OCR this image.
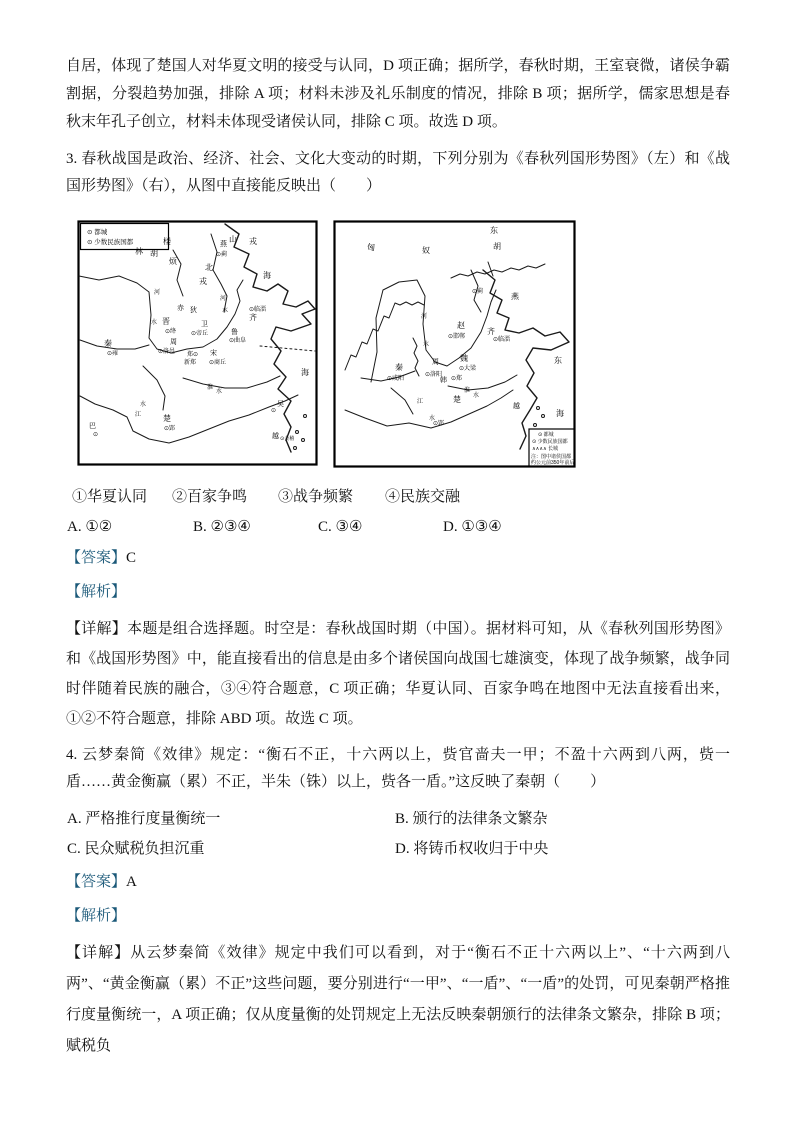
自居，体现了楚国人对华夏文明的接受与认同，D 项正确；据所学，春秋时期，王室衰微，诸侯争霸割据，分裂趋势加强，排除 A 项；材料未涉及礼乐制度的情况，排除 B 项；据所学，儒家思想是春秋末年孔子创立，材料未体现受诸侯认同，排除 C 项。故选 D 项。

3. 春秋战国是政治、经济、社会、文化大变动的时期，下列分别为《春秋列国形势图》（左）和《战国形势图》（右），从图中直接能反映出（　　）

⊙ 都城
⊙ 少数民族国都	山 戎
楼
烦
林 胡
燕
⊙蓟
北
戎
海
河
水
河
水
赤 狄	⊙临淄
齐
晋
⊙绛
卫
⊙帝丘	鲁
⊙曲阜
秦
⊙雍
周
⊙洛邑 郑⊙
新郑
宋
⊙商丘
海
淮
水
水
江	楚
⊙郢
吴
⊙
越 ⊙会稽
巴
⊙
匈	奴
东
胡
燕
⊙蓟
赵
⊙邯郸
齐
⊙临淄
魏
⊙大梁
周
⊙洛阳
韩 ⊙郑
秦
⊙咸阳
楚
⊙郢
越
东
海
河
水
江
水
淮
水
⊙ 都城
⊙ 少数民族国都
∧∧∧∧ 长城
注：图中诸侯国都
约公元前350年前后
①华夏认同 ②百家争鸣 ③战争频繁 ④民族交融
A. ①②	B. ②③④	C. ③④	D. ①③④

【答案】C

【解析】

【详解】本题是组合选择题。时空是：春秋战国时期（中国）。据材料可知，从《春秋列国形势图》和《战国形势图》中，能直接看出的信息是由多个诸侯国向战国七雄演变，体现了战争频繁，战争同时伴随着民族的融合，③④符合题意，C 项正确；华夏认同、百家争鸣在地图中无法直接看出来，①②不符合题意，排除 ABD 项。故选 C 项。

4. 云梦秦简《效律》规定：“衡石不正，十六两以上，赀官啬夫一甲；不盈十六两到八两，赀一盾……黄金衡赢（累）不正，半朱（铢）以上，赀各一盾。”这反映了秦朝（　　）

A. 严格推行度量衡统一	B. 颁行的法律条文繁杂
C. 民众赋税负担沉重	D. 将铸币权收归于中央

【答案】A

【解析】

【详解】从云梦秦简《效律》规定中我们可以看到，对于“衡石不正十六两以上”、“十六两到八两”、“黄金衡赢（累）不正”这些问题，要分别进行“一甲”、“一盾”、“一盾”的处罚，可见秦朝严格推行度量衡统一，A 项正确；仅从度量衡的处罚规定上无法反映秦朝颁行的法律条文繁杂，排除 B 项；赋税负
